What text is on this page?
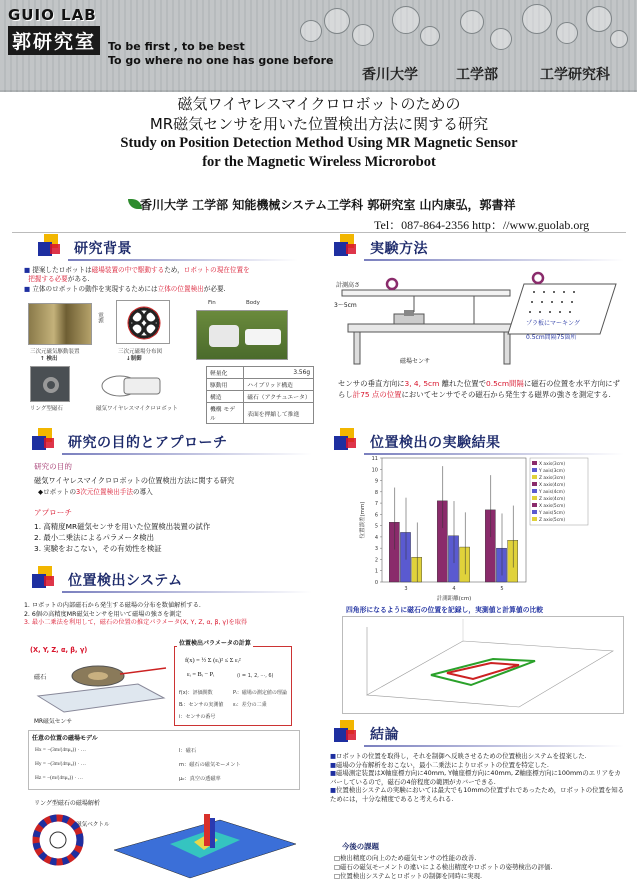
GUIO LAB
郭研究室	To be first , to be best
To go where no one has gone before
香川大学	工学部	工学研究科
磁気ワイヤレスマイクロロボットのための
MR磁気センサを用いた位置検出方法に関する研究
Study on Position Detection Method Using MR Magnetic Sensor
for the Magnetic Wireless Microrobot
香川大学 工学部 知能機械システム工学科 郭研究室 山内康弘，郭書祥
Tel：087-864-2356 http：//www.guolab.org
研究背景
■ 提案したロボットは磁場装置の中で駆動するため，ロボットの現在位置を
把握する必要がある.
■ 立体のロボットの動作を実現するためには立体の位置検出が必要.
三次元磁気駆動装置
電源
三次元磁場分布図
↑ 検出	↓制御
Fin	Body
リング型磁石	磁気ワイヤレスマイクロロボット
軽量化	3.56g
駆動用	ハイブリッド構造
構造	磁石（アクチュエータ）
機構 モデル	表面を押縮して推進
研究の目的とアプローチ
研究の目的
磁気ワイヤレスマイクロロボットの位置検出方法に関する研究
◆ロボットの3次元位置検出手法の導入
アプローチ
1. 高精度MR磁気センサを用いた位置検出装置の試作
2. 最小二乗法によるパラメータ検出
3. 実験をおこない，その有効性を検証
位置検出システム
1. ロボットの内部磁石から発生する磁場の分布を数値解析する.
2. 6個の高精度MR磁気センサを用いて磁場の強さを測定
3. 最小二乗法を利用して，磁石の位置の推定パラメータ(X, Y, Z, α, β, γ)を取得
(X, Y, Z, α, β, γ)
磁石
MR磁気センサ
位置検出パラメータの計算
f(x) = ½ Σ (εᵢ)² ≤ Σ εᵢ²
εᵢ = Bᵢ − Pᵢ	(i = 1, 2, ···, 6)
f(x)：評価関数	Pᵢ：磁場の測定値の理論
Bᵢ：センサの実測値 εᵢ：差分の二乗
i：センサの番号
任意の位置の磁場モデル
Hx = −(3m/(4πμ₀)) · …
Hy = −(3m/(4πμ₀)) · …
Hz = −(m/(4πμ₀)) · …
l：磁石
m：磁石の磁気モーメント
μ₀：真空の透磁率
リング型磁石の磁場解析
磁気ベクトル
実験方法
計測高さ
3〜5cm
磁場センサ
プラ板にマーキング
0.5cm間隔75箇所
センサの垂直方向に3, 4, 5cm 離れた位置で0.5cm間隔に磁石の位置を水平方向にずらし計75 点の位置においてセンサでその磁石から発生する磁界の強さを測定する.
位置検出の実験結果
0
1
2
3
4
5
6
7
8
9
10
11
位置誤差(mm)
計測距離(cm)
3	4	5
X axis(3cm)
Y axis(3cm)
Z axis(3cm)
X axis(4cm)
Y axis(4cm)
Z axis(4cm)
X axis(5cm)
Y axis(5cm)
Z axis(5cm)
四角形になるように磁石の位置を記録し，実測値と計算値の比較
結論
■ロボットの位置を取得し，それを制御へ反映させるための位置検出システムを提案した.
■磁場の分布解析をおこない，最小二乗法によりロボットの位置を特定した.
■磁場測定装置はX軸座標方向に40mm, Y軸座標方向に40mm, Z軸座標方向に100mmのエリアをカバーしているので，磁石の4倍程度の範囲がカバーできる.
■位置検出システムの実験においては最大でも10mmの位置ずれであったため，ロボットの位置を知るためには，十分な精度であると考えられる.
今後の課題
□検出精度の向上のため磁気センサの性能の改善.
□磁石の磁気モーメントの違いによる検出精度やロボットの姿勢検出の評価.
□位置検出システムとロボットの制御を同時に実現.
